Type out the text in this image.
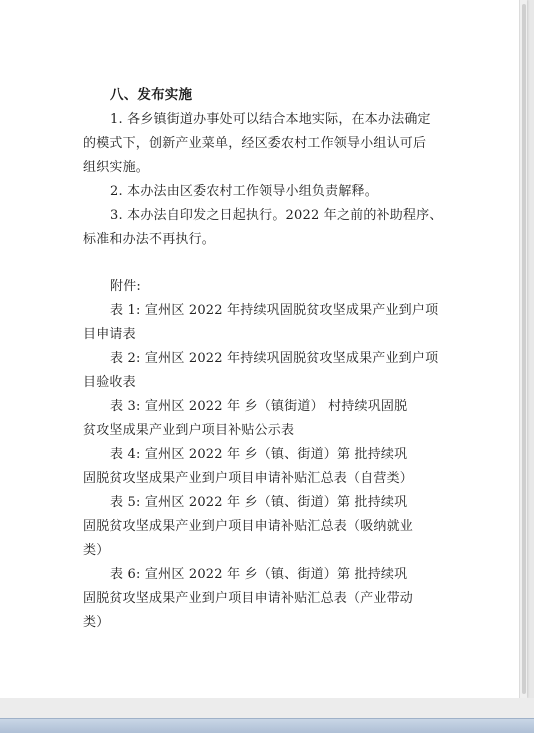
八、发布实施
1. 各乡镇街道办事处可以结合本地实际，在本办法确定
的模式下，创新产业菜单，经区委农村工作领导小组认可后
组织实施。
2. 本办法由区委农村工作领导小组负责解释。
3. 本办法自印发之日起执行。2022 年之前的补助程序、
标准和办法不再执行。
附件:
表 1: 宣州区 2022 年持续巩固脱贫攻坚成果产业到户项
目申请表
表 2: 宣州区 2022 年持续巩固脱贫攻坚成果产业到户项
目验收表
表 3: 宣州区 2022 年 乡（镇街道） 村持续巩固脱
贫攻坚成果产业到户项目补贴公示表
表 4: 宣州区 2022 年 乡（镇、街道）第 批持续巩
固脱贫攻坚成果产业到户项目申请补贴汇总表（自营类）
表 5: 宣州区 2022 年 乡（镇、街道）第 批持续巩
固脱贫攻坚成果产业到户项目申请补贴汇总表（吸纳就业
类）
表 6: 宣州区 2022 年 乡（镇、街道）第 批持续巩
固脱贫攻坚成果产业到户项目申请补贴汇总表（产业带动
类）
